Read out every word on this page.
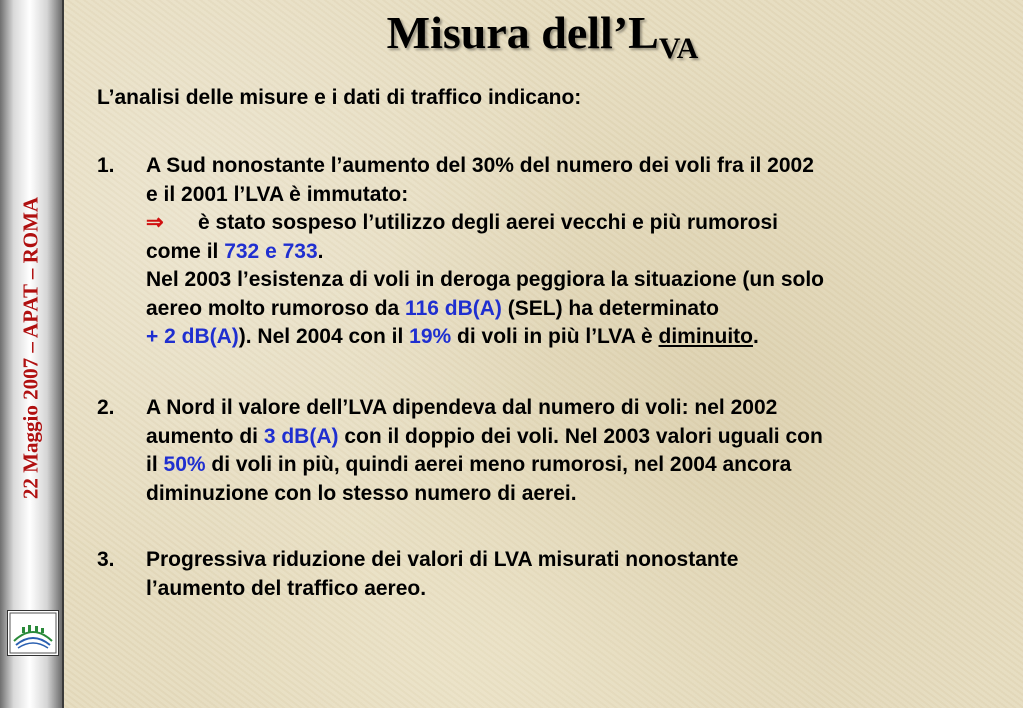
22 Maggio 2007 – APAT – ROMA
Misura $dell’L_{VA}$
L’analisi delle misure e i dati di traffico indicano:
1. A Sud nonostante l’aumento del 30% del numero dei voli fra il 2002
e il 2001 l’LVA è immutato:
⇒ è stato sospeso l’utilizzo degli aerei vecchi e più rumorosi
come il 732 e 733.
Nel 2003 l’esistenza di voli in deroga peggiora la situazione (un solo
aereo molto rumoroso da 116 dB(A) (SEL) ha determinato
+ 2 dB(A)). Nel 2004 con il 19% di voli in più l’LVA è diminuito.
2. A Nord il valore dell’LVA dipendeva dal numero di voli: nel 2002
aumento di 3 dB(A) con il doppio dei voli. Nel 2003 valori uguali con
il 50% di voli in più, quindi aerei meno rumorosi, nel 2004 ancora
diminuzione con lo stesso numero di aerei.
3. Progressiva riduzione dei valori di LVA misurati nonostante
l’aumento del traffico aereo.
